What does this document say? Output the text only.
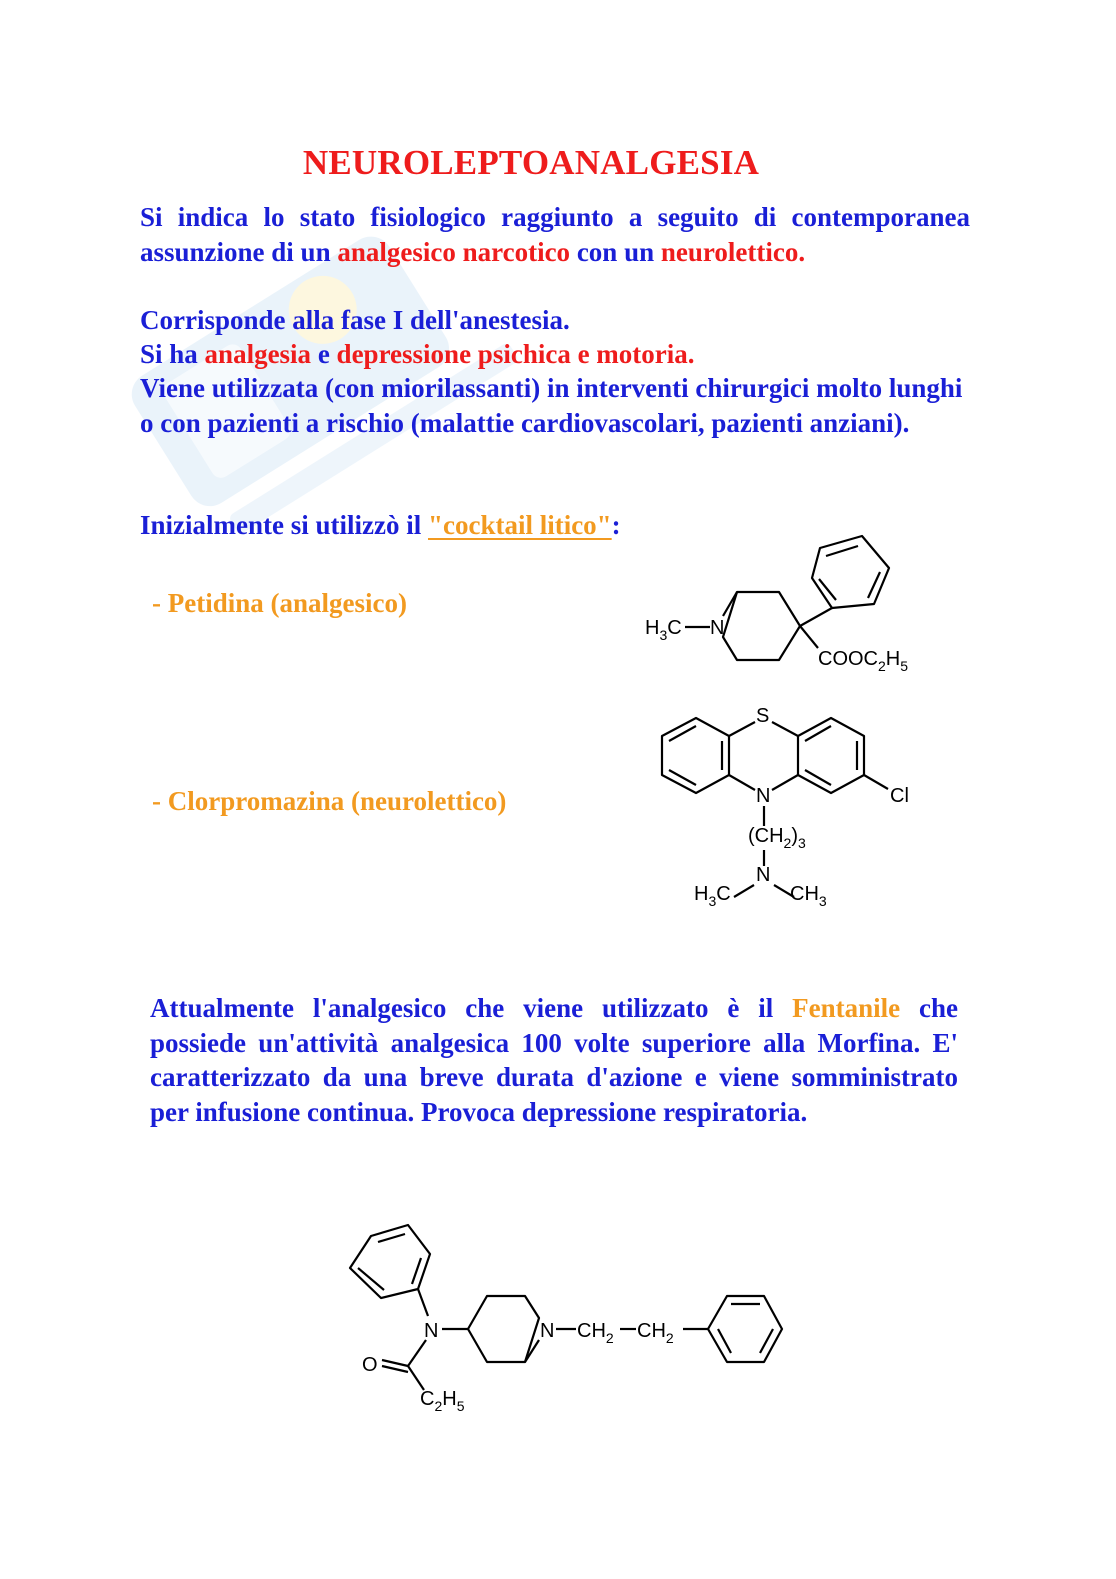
NEUROLEPTOANALGESIA

Si indica lo stato fisiologico raggiunto a seguito di contemporanea assunzione di un analgesico narcotico con un neurolettico.

Corrisponde alla fase I dell'anestesia.

Si ha analgesia e depressione psichica e motoria.

Viene utilizzata (con miorilassanti) in interventi chirurgici molto lunghi o con pazienti a rischio (malattie cardiovascolari, pazienti anziani).

Inizialmente si utilizzò il "cocktail litico":

- Petidina (analgesico)

- Clorpromazina (neurolettico)

$H_3C$ N
$COOC_2H_5$
S
N	Cl
$(CH_2)_3$
N
$H_3C$	$CH_3$

Attualmente l'analgesico che viene utilizzato è il Fentanile che possiede un'attività analgesica 100 volte superiore alla Morfina. E' caratterizzato da una breve durata d'azione e viene somministrato per infusione continua. Provoca depressione respiratoria.

N	N $CH_2$ $CH_2$
O
$C_2H_5$
